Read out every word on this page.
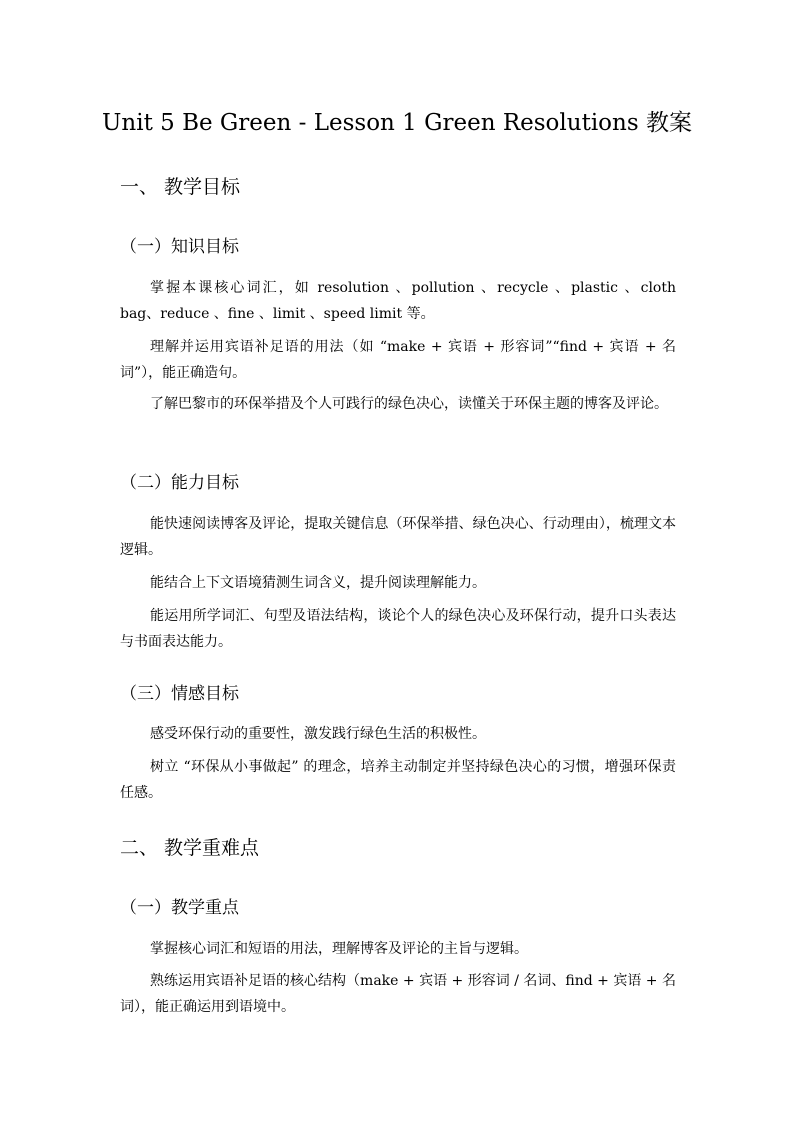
Unit 5 Be Green - Lesson 1 Green Resolutions 教案
一、 教学目标
（一）知识目标
掌握本课核心词汇，如 resolution 、pollution 、recycle 、plastic 、cloth bag、reduce 、fine 、limit 、speed limit 等。
理解并运用宾语补足语的用法（如 “make + 宾语 + 形容词”“find + 宾语 + 名词”），能正确造句。
了解巴黎市的环保举措及个人可践行的绿色决心，读懂关于环保主题的博客及评论。
（二）能力目标
能快速阅读博客及评论，提取关键信息（环保举措、绿色决心、行动理由），梳理文本逻辑。
能结合上下文语境猜测生词含义，提升阅读理解能力。
能运用所学词汇、句型及语法结构，谈论个人的绿色决心及环保行动，提升口头表达与书面表达能力。
（三）情感目标
感受环保行动的重要性，激发践行绿色生活的积极性。
树立 “环保从小事做起” 的理念，培养主动制定并坚持绿色决心的习惯，增强环保责任感。
二、 教学重难点
（一）教学重点
掌握核心词汇和短语的用法，理解博客及评论的主旨与逻辑。
熟练运用宾语补足语的核心结构（make + 宾语 + 形容词 / 名词、find + 宾语 + 名词），能正确运用到语境中。
